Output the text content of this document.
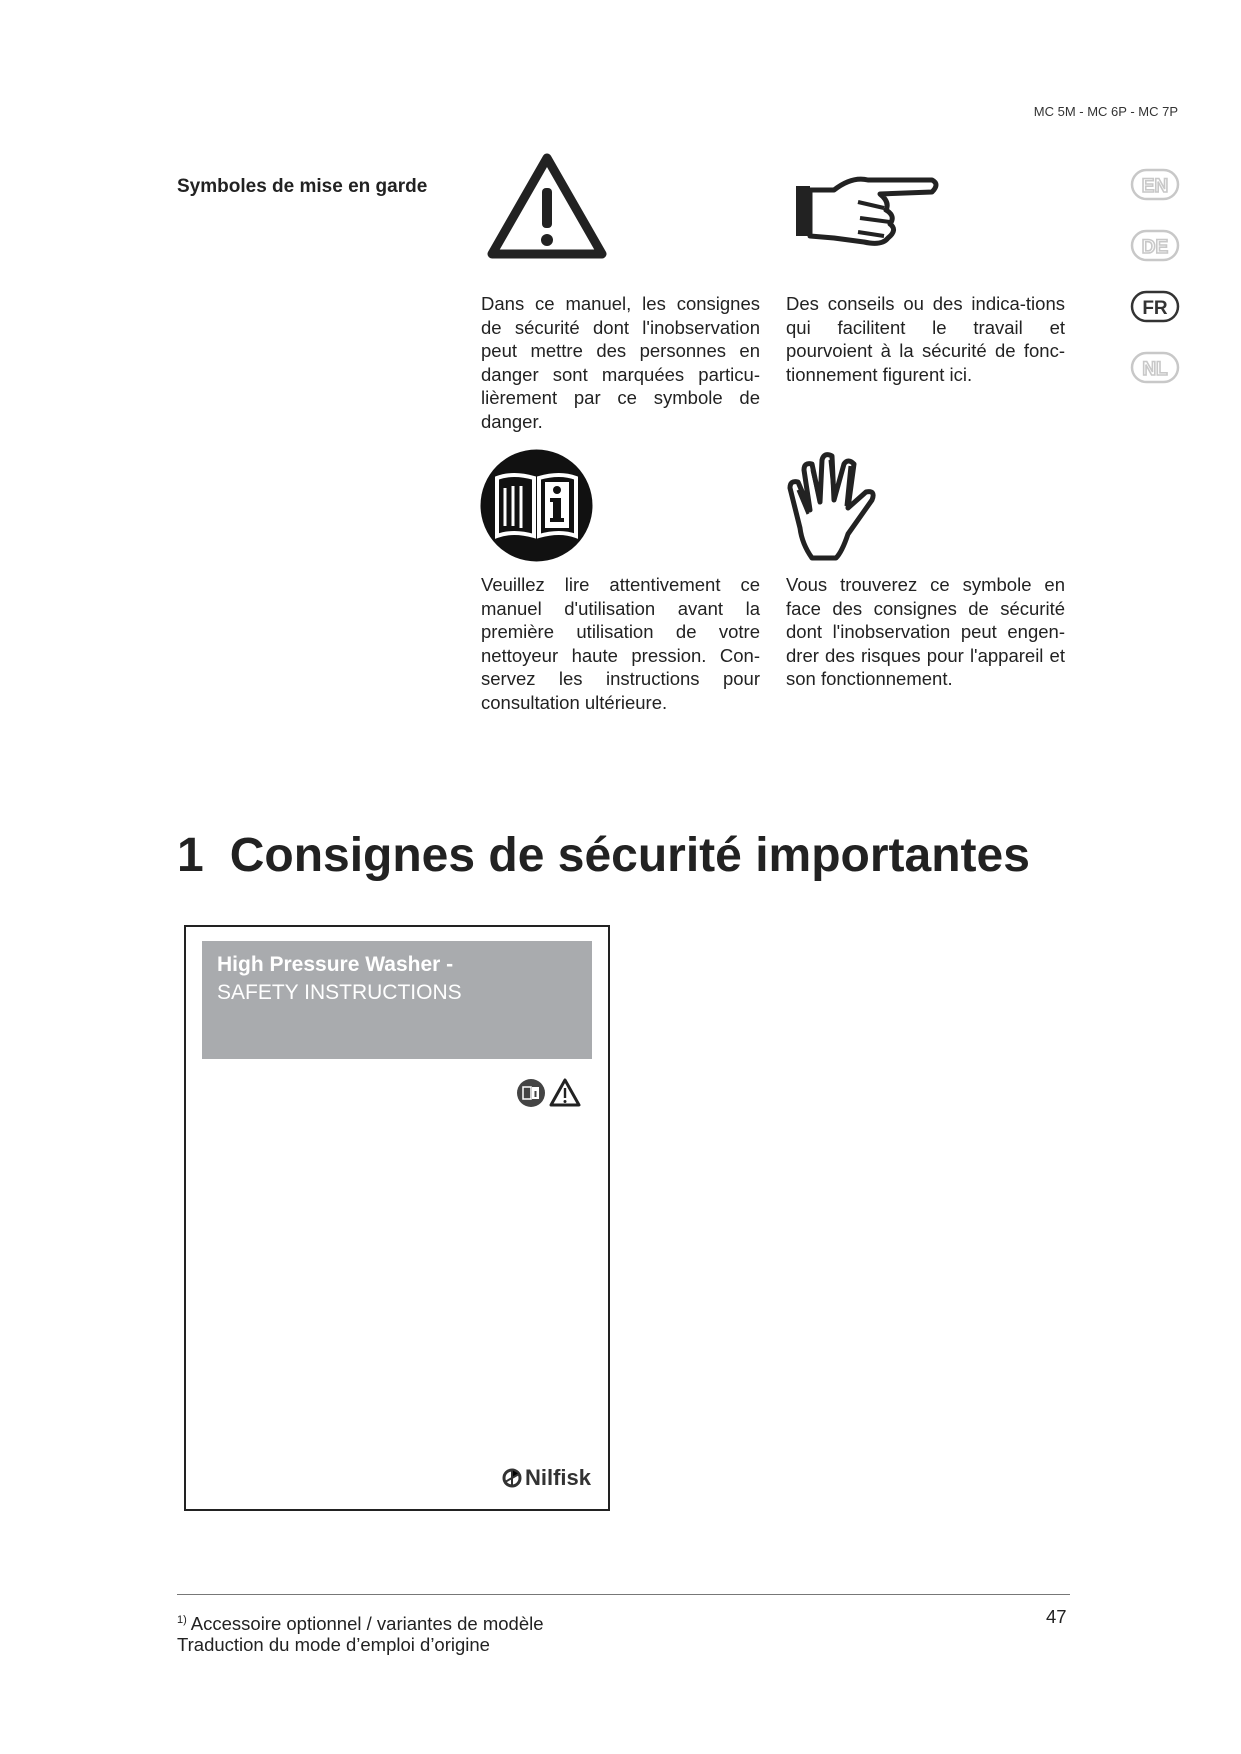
MC 5M - MC 6P - MC 7P
Symboles de mise en garde
Dans ce manuel, les consignes de sécurité dont l'inobservation peut mettre des personnes en danger sont marquées particu-lièrement par ce symbole de danger.
Des conseils ou des indica-tions qui facilitent le travail et pourvoient à la sécurité de fonc-tionnement figurent ici.
Veuillez lire attentivement ce manuel d'utilisation avant la première utilisation de votre nettoyeur haute pression. Con-servez les instructions pour consultation ultérieure.
Vous trouverez ce symbole en face des consignes de sécurité dont l'inobservation peut engen-drer des risques pour l'appareil et son fonctionnement.
EN
DE
FR
NL
1 Consignes de sécurité importantes
High Pressure Washer -
SAFETY INSTRUCTIONS
Nilfisk
$^{1)}$ Accessoire optionnel / variantes de modèle
Traduction du mode d’emploi d’origine
47
